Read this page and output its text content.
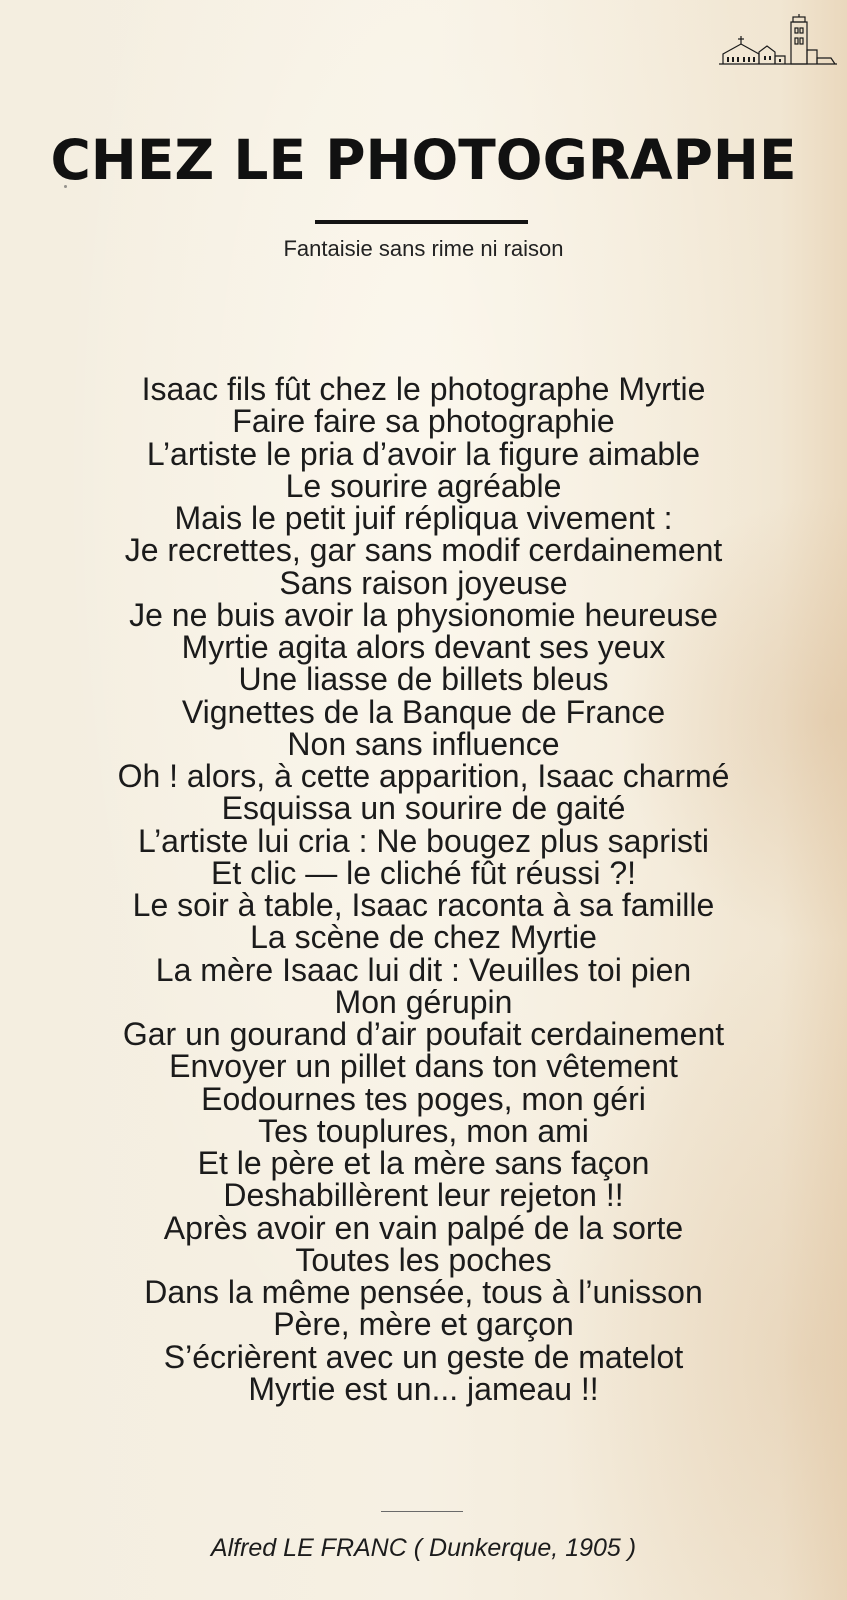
CHEZ LE PHOTOGRAPHE
Fantaisie sans rime ni raison
Isaac fils fût chez le photographe Myrtie
Faire faire sa photographie
L’artiste le pria d’avoir la figure aimable
Le sourire agréable
Mais le petit juif répliqua vivement :
Je recrettes, gar sans modif cerdainement
Sans raison joyeuse
Je ne buis avoir la physionomie heureuse
Myrtie agita alors devant ses yeux
Une liasse de billets bleus
Vignettes de la Banque de France
Non sans influence
Oh ! alors, à cette apparition, Isaac charmé
Esquissa un sourire de gaité
L’artiste lui cria : Ne bougez plus sapristi
Et clic — le cliché fût réussi ?!
Le soir à table, Isaac raconta à sa famille
La scène de chez Myrtie
La mère Isaac lui dit : Veuilles toi pien
Mon gérupin
Gar un gourand d’air poufait cerdainement
Envoyer un pillet dans ton vêtement
Eodournes tes poges, mon géri
Tes touplures, mon ami
Et le père et la mère sans façon
Deshabillèrent leur rejeton !!
Après avoir en vain palpé de la sorte
Toutes les poches
Dans la même pensée, tous à l’unisson
Père, mère et garçon
S’écrièrent avec un geste de matelot
Myrtie est un... jameau !!
Alfred LE FRANC ( Dunkerque, 1905 )
